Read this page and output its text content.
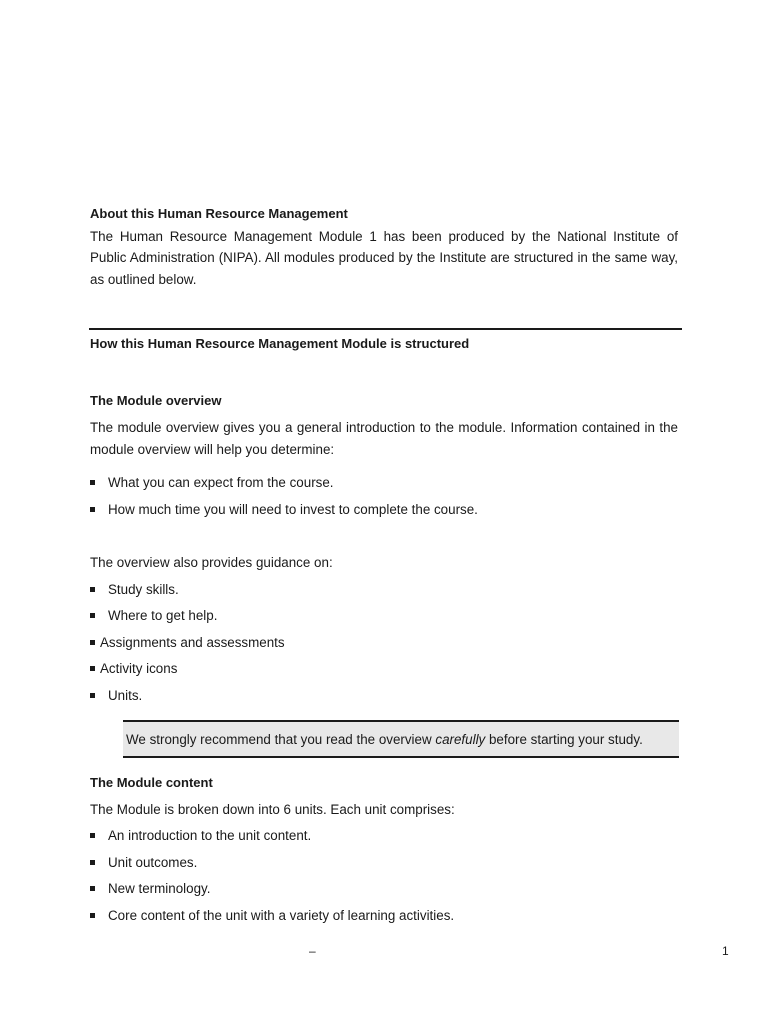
About this Human Resource Management

The Human Resource Management Module 1 has been produced by the National Institute of Public Administration (NIPA). All modules produced by the Institute are structured in the same way, as outlined below.

How this Human Resource Management Module is structured
The Module overview

The module overview gives you a general introduction to the module. Information contained in the module overview will help you determine:

What you can expect from the course.
How much time you will need to invest to complete the course.

The overview also provides guidance on:

Study skills.
Where to get help.
Assignments and assessments
Activity icons
Units.
We strongly recommend that you read the overview carefully before starting your study.
The Module content

The Module is broken down into 6 units. Each unit comprises:

An introduction to the unit content.
Unit outcomes.
New terminology.
Core content of the unit with a variety of learning activities.
–	1
